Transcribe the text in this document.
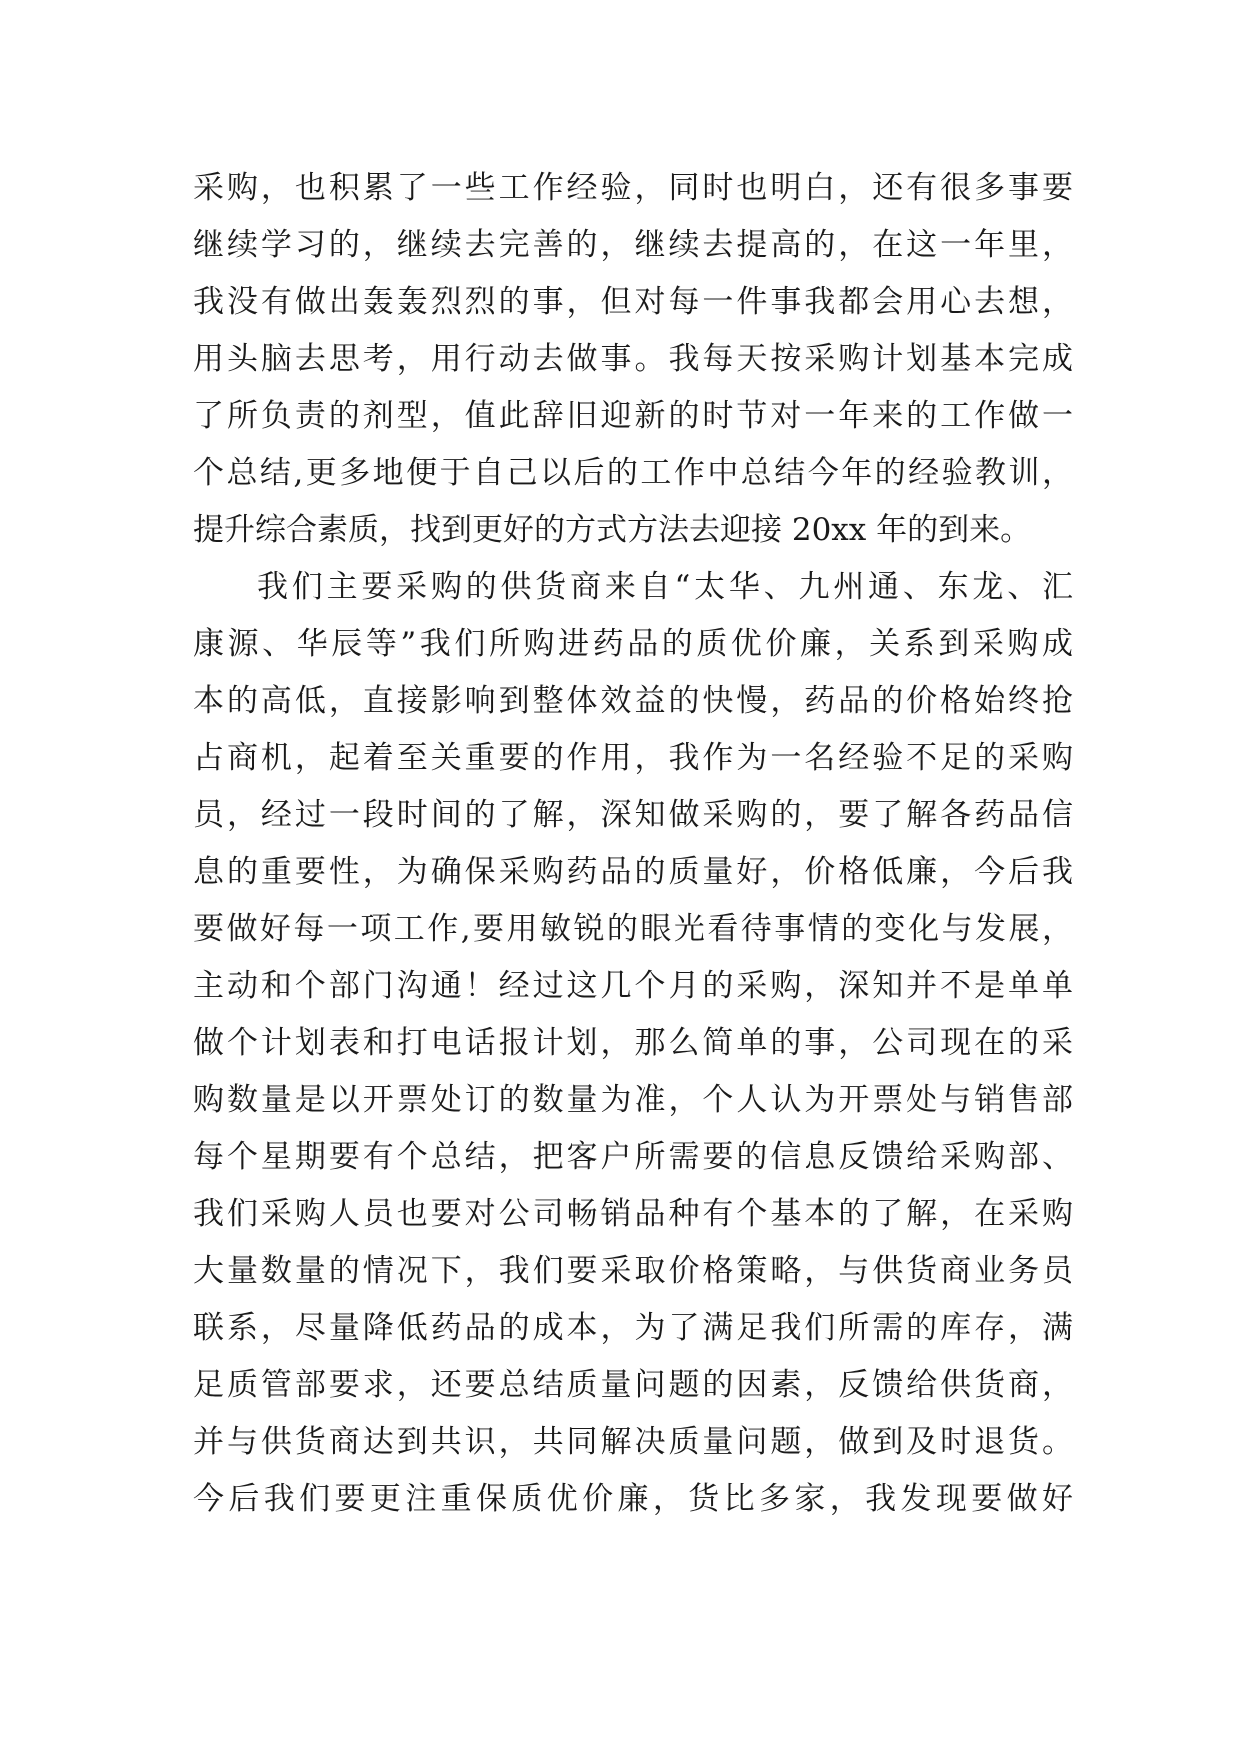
采购，也积累了一些工作经验，同时也明白，还有很多事要
继续学习的，继续去完善的，继续去提高的，在这一年里，
我没有做出轰轰烈烈的事，但对每一件事我都会用心去想，
用头脑去思考，用行动去做事。我每天按采购计划基本完成
了所负责的剂型，值此辞旧迎新的时节对一年来的工作做一
个总结,更多地便于自己以后的工作中总结今年的经验教训，
提升综合素质，找到更好的方式方法去迎接 20xx 年的到来。
我们主要采购的供货商来自“太华、九州通、东龙、汇
康源、华辰等”我们所购进药品的质优价廉，关系到采购成
本的高低，直接影响到整体效益的快慢，药品的价格始终抢
占商机，起着至关重要的作用，我作为一名经验不足的采购
员，经过一段时间的了解，深知做采购的，要了解各药品信
息的重要性，为确保采购药品的质量好，价格低廉，今后我
要做好每一项工作,要用敏锐的眼光看待事情的变化与发展，
主动和个部门沟通！经过这几个月的采购，深知并不是单单
做个计划表和打电话报计划，那么简单的事，公司现在的采
购数量是以开票处订的数量为准，个人认为开票处与销售部
每个星期要有个总结，把客户所需要的信息反馈给采购部、
我们采购人员也要对公司畅销品种有个基本的了解，在采购
大量数量的情况下，我们要采取价格策略，与供货商业务员
联系，尽量降低药品的成本，为了满足我们所需的库存，满
足质管部要求，还要总结质量问题的因素，反馈给供货商，
并与供货商达到共识，共同解决质量问题，做到及时退货。
今后我们要更注重保质优价廉，货比多家，我发现要做好
